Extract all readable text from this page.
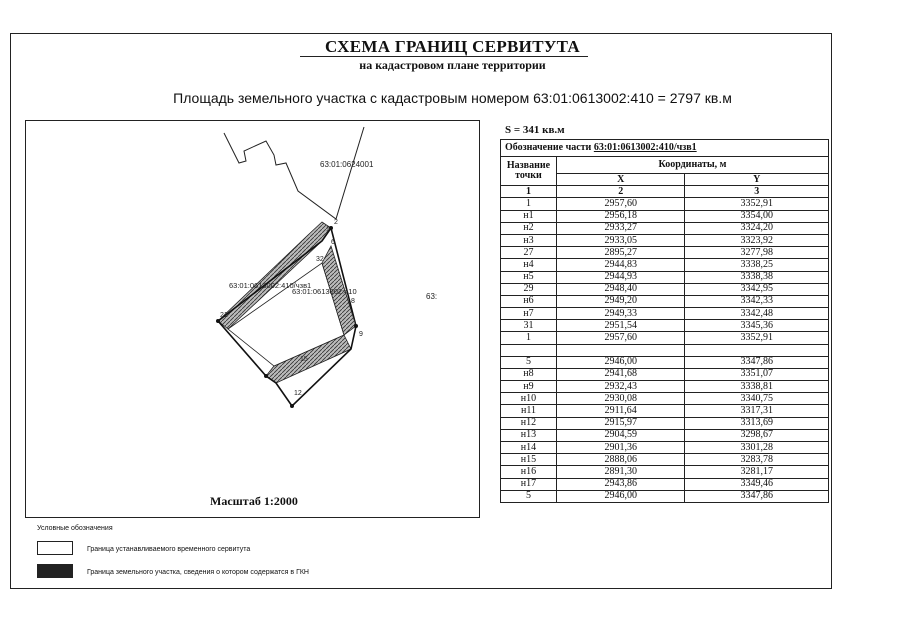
СХЕМА ГРАНИЦ СЕРВИТУТА
на кадастровом плане территории
Площадь земельного участка с кадастровым номером 63:01:0613002:410 = 2797 кв.м
2
6
8
9
15
12
1
32
21
63:01:0624001
63:01:0613002:410/чзв1
63:01:0613002:410
63:
Масштаб 1:2000
Условные обозначения
Граница устанавливаемого временного сервитута
Граница земельного участка, сведения о котором содержатся в ГКН
S = 341 кв.м
Обозначение части 63:01:0613002:410/чзв1		
Название точки	Координаты, м	
	X	Y
1	2	3
1	2957,60	3352,91
н1	2956,18	3354,00
н2	2933,27	3324,20
н3	2933,05	3323,92
27	2895,27	3277,98
н4	2944,83	3338,25
н5	2944,93	3338,38
29	2948,40	3342,95
н6	2949,20	3342,33
н7	2949,33	3342,48
31	2951,54	3345,36
1	2957,60	3352,91

5	2946,00	3347,86
н8	2941,68	3351,07
н9	2932,43	3338,81
н10	2930,08	3340,75
н11	2911,64	3317,31
н12	2915,97	3313,69
н13	2904,59	3298,67
н14	2901,36	3301,28
н15	2888,06	3283,78
н16	2891,30	3281,17
н17	2943,86	3349,46
5	2946,00	3347,86
